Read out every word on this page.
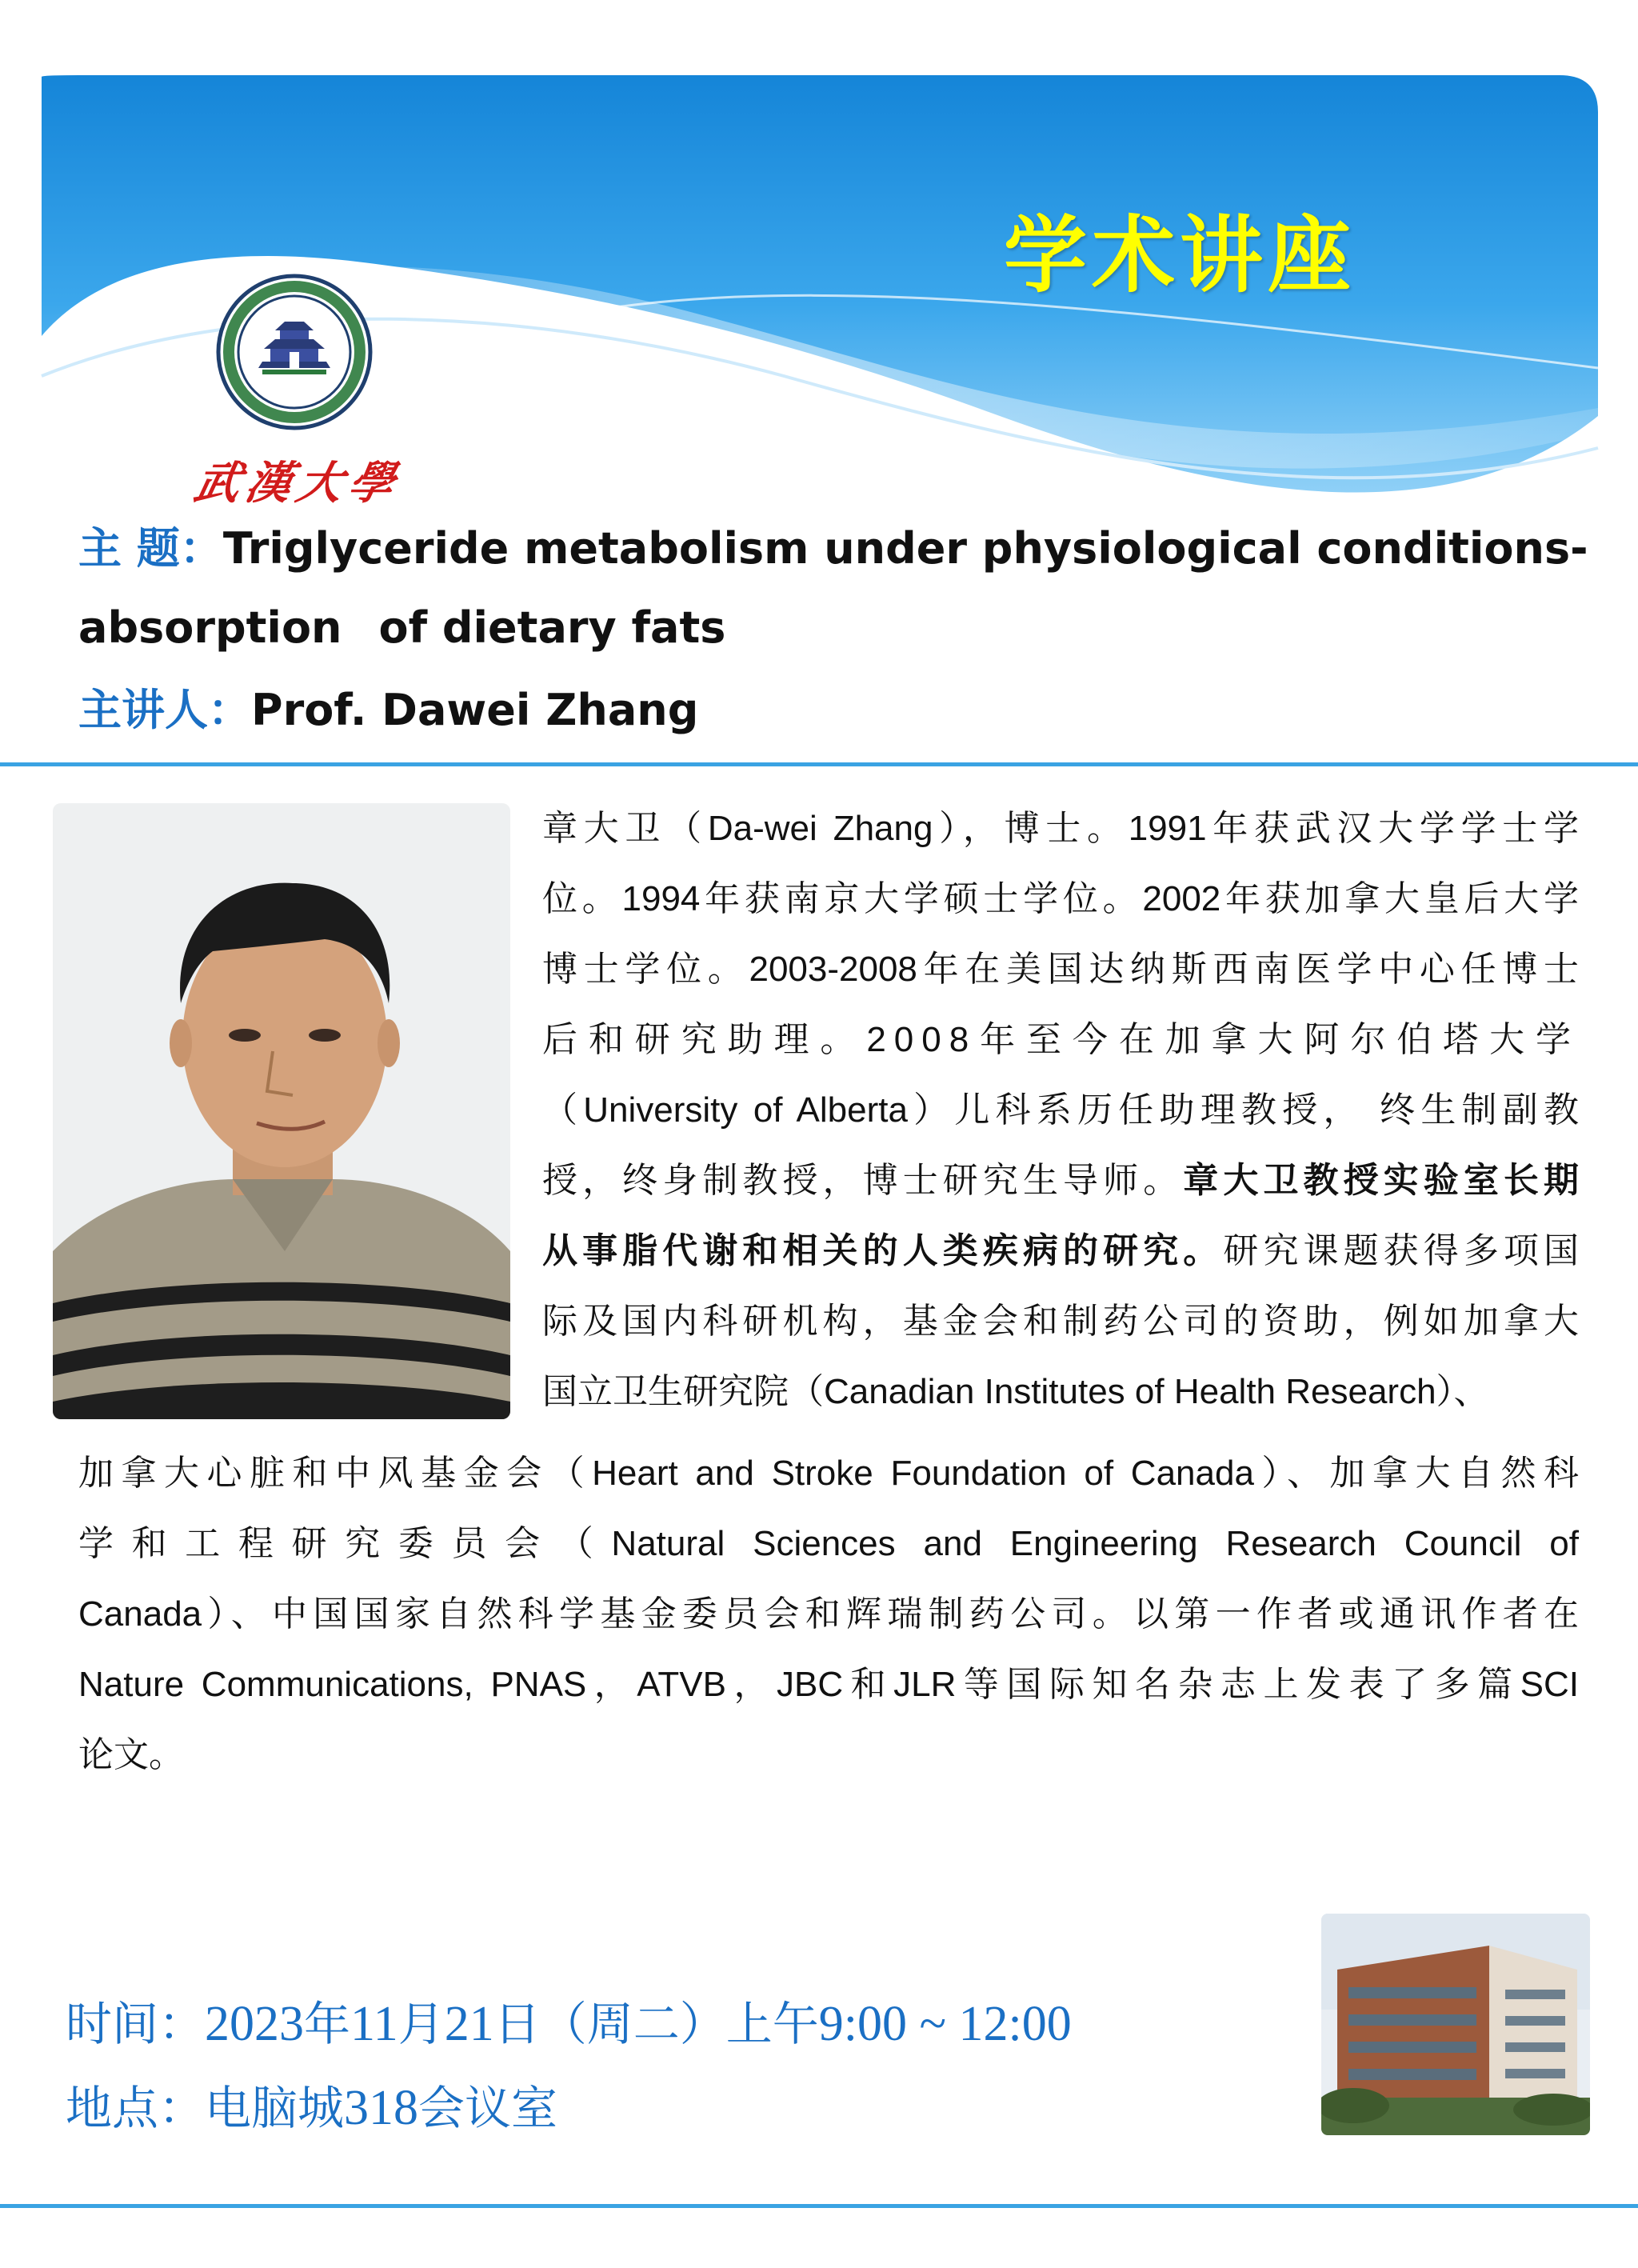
学术讲座
武漢大學
主 题：Triglyceride metabolism under physiological conditions-
absorption of dietary fats
主讲人：Prof. Dawei Zhang
章大卫（Da-wei Zhang），博士。1991年获武汉大学学士学
位。1994年获南京大学硕士学位。2002年获加拿大皇后大学
博士学位。2003-2008年在美国达纳斯西南医学中心任博士
后和研究助理。2008年至今在加拿大阿尔伯塔大学
（University of Alberta）儿科系历任助理教授， 终生制副教
授，终身制教授，博士研究生导师。章大卫教授实验室长期
从事脂代谢和相关的人类疾病的研究。研究课题获得多项国
际及国内科研机构，基金会和制药公司的资助，例如加拿大
国立卫生研究院（Canadian Institutes of Health Research）、
加拿大心脏和中风基金会（Heart and Stroke Foundation of Canada）、加拿大自然科
学和工程研究委员会（Natural Sciences and Engineering Research Council of
Canada）、中国国家自然科学基金委员会和辉瑞制药公司。以第一作者或通讯作者在
Nature Communications, PNAS，ATVB，JBC和JLR等国际知名杂志上发表了多篇SCI
论文。
时间：2023年11月21日（周二）上午9:00 ~ 12:00
地点：电脑城318会议室
